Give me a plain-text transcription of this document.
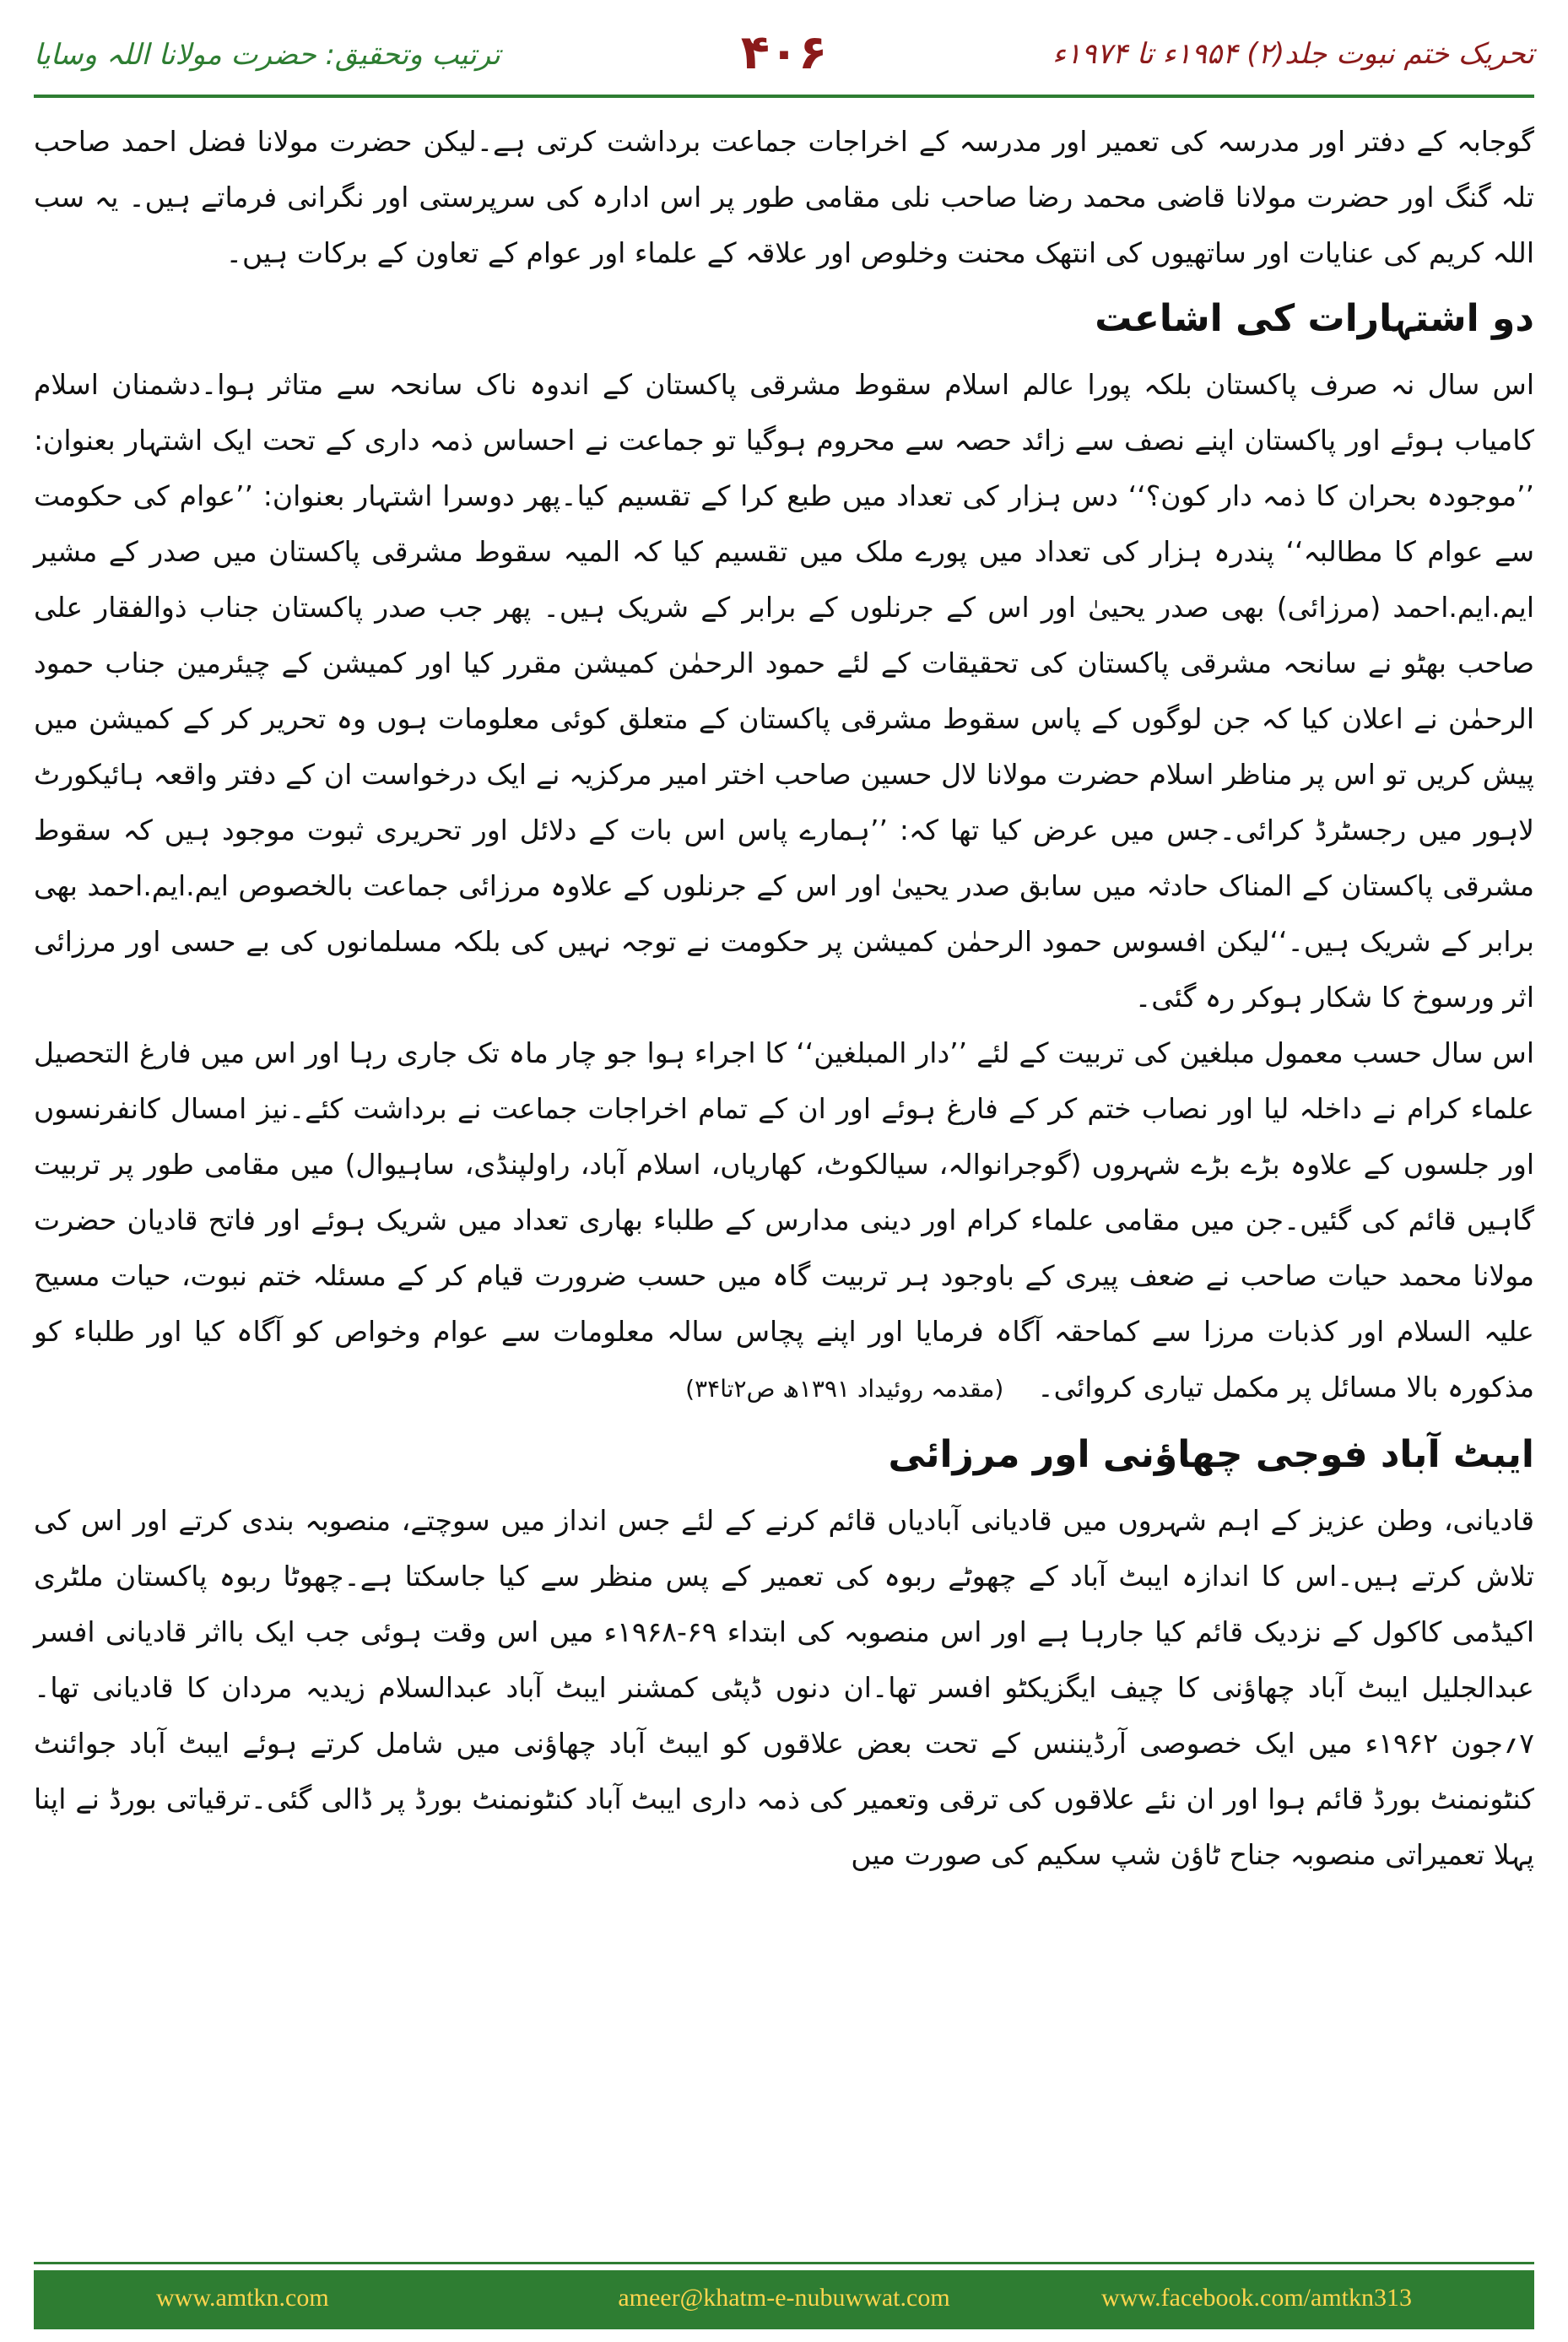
تحریک ختم نبوت جلد(۲) ۱۹۵۴ء تا ۱۹۷۴ء
۴۰۶
ترتیب وتحقیق: حضرت مولانا اللہ وسایا

گوجابہ کے دفتر اور مدرسہ کی تعمیر اور مدرسہ کے اخراجات جماعت برداشت کرتی ہے۔لیکن حضرت مولانا فضل احمد صاحب تلہ گنگ اور حضرت مولانا قاضی محمد رضا صاحب نلی مقامی طور پر اس ادارہ کی سرپرستی اور نگرانی فرماتے ہیں۔ یہ سب اللہ کریم کی عنایات اور ساتھیوں کی انتھک محنت وخلوص اور علاقہ کے علماء اور عوام کے تعاون کے برکات ہیں۔

دو اشتہارات کی اشاعت

اس سال نہ صرف پاکستان بلکہ پورا عالم اسلام سقوط مشرقی پاکستان کے اندوہ ناک سانحہ سے متاثر ہوا۔دشمنان اسلام کامیاب ہوئے اور پاکستان اپنے نصف سے زائد حصہ سے محروم ہوگیا تو جماعت نے احساس ذمہ داری کے تحت ایک اشتہار بعنوان: ’’موجودہ بحران کا ذمہ دار کون؟‘‘ دس ہزار کی تعداد میں طبع کرا کے تقسیم کیا۔پھر دوسرا اشتہار بعنوان: ’’عوام کی حکومت سے عوام کا مطالبہ‘‘ پندرہ ہزار کی تعداد میں پورے ملک میں تقسیم کیا کہ المیہ سقوط مشرقی پاکستان میں صدر کے مشیر ایم.ایم.احمد (مرزائی) بھی صدر یحییٰ اور اس کے جرنلوں کے برابر کے شریک ہیں۔ پھر جب صدر پاکستان جناب ذوالفقار علی صاحب بھٹو نے سانحہ مشرقی پاکستان کی تحقیقات کے لئے حمود الرحمٰن کمیشن مقرر کیا اور کمیشن کے چیئرمین جناب حمود الرحمٰن نے اعلان کیا کہ جن لوگوں کے پاس سقوط مشرقی پاکستان کے متعلق کوئی معلومات ہوں وہ تحریر کر کے کمیشن میں پیش کریں تو اس پر مناظر اسلام حضرت مولانا لال حسین صاحب اختر امیر مرکزیہ نے ایک درخواست ان کے دفتر واقعہ ہائیکورٹ لاہور میں رجسٹرڈ کرائی۔جس میں عرض کیا تھا کہ: ’’ہمارے پاس اس بات کے دلائل اور تحریری ثبوت موجود ہیں کہ سقوط مشرقی پاکستان کے المناک حادثہ میں سابق صدر یحییٰ اور اس کے جرنلوں کے علاوہ مرزائی جماعت بالخصوص ایم.ایم.احمد بھی برابر کے شریک ہیں۔‘‘لیکن افسوس حمود الرحمٰن کمیشن پر حکومت نے توجہ نہیں کی بلکہ مسلمانوں کی بے حسی اور مرزائی اثر ورسوخ کا شکار ہوکر رہ گئی۔

اس سال حسب معمول مبلغین کی تربیت کے لئے ’’دار المبلغین‘‘ کا اجراء ہوا جو چار ماہ تک جاری رہا اور اس میں فارغ التحصیل علماء کرام نے داخلہ لیا اور نصاب ختم کر کے فارغ ہوئے اور ان کے تمام اخراجات جماعت نے برداشت کئے۔نیز امسال کانفرنسوں اور جلسوں کے علاوہ بڑے بڑے شہروں (گوجرانوالہ، سیالکوٹ، کھاریاں، اسلام آباد، راولپنڈی، ساہیوال) میں مقامی طور پر تربیت گاہیں قائم کی گئیں۔جن میں مقامی علماء کرام اور دینی مدارس کے طلباء بھاری تعداد میں شریک ہوئے اور فاتح قادیان حضرت مولانا محمد حیات صاحب نے ضعف پیری کے باوجود ہر تربیت گاہ میں حسب ضرورت قیام کر کے مسئلہ ختم نبوت، حیات مسیح علیہ السلام اور کذبات مرزا سے کماحقہ آگاہ فرمایا اور اپنے پچاس سالہ معلومات سے عوام وخواص کو آگاہ کیا اور طلباء کو مذکورہ بالا مسائل پر مکمل تیاری کروائی۔(مقدمہ روئیداد ۱۳۹۱ھ ص۲تا۳۴)

ایبٹ آباد فوجی چھاؤنی اور مرزائی

قادیانی، وطن عزیز کے اہم شہروں میں قادیانی آبادیاں قائم کرنے کے لئے جس انداز میں سوچتے، منصوبہ بندی کرتے اور اس کی تلاش کرتے ہیں۔اس کا اندازہ ایبٹ آباد کے چھوٹے ربوہ کی تعمیر کے پس منظر سے کیا جاسکتا ہے۔چھوٹا ربوہ پاکستان ملٹری اکیڈمی کاکول کے نزدیک قائم کیا جارہا ہے اور اس منصوبہ کی ابتداء ۶۹-۱۹۶۸ء میں اس وقت ہوئی جب ایک بااثر قادیانی افسر عبدالجلیل ایبٹ آباد چھاؤنی کا چیف ایگزیکٹو افسر تھا۔ان دنوں ڈپٹی کمشنر ایبٹ آباد عبدالسلام زیدیہ مردان کا قادیانی تھا۔۷؍جون ۱۹۶۲ء میں ایک خصوصی آرڈیننس کے تحت بعض علاقوں کو ایبٹ آباد چھاؤنی میں شامل کرتے ہوئے ایبٹ آباد جوائنٹ کنٹونمنٹ بورڈ قائم ہوا اور ان نئے علاقوں کی ترقی وتعمیر کی ذمہ داری ایبٹ آباد کنٹونمنٹ بورڈ پر ڈالی گئی۔ترقیاتی بورڈ نے اپنا پہلا تعمیراتی منصوبہ جناح ٹاؤن شپ سکیم کی صورت میں

www.amtkn.com	ameer@khatm-e-nubuwwat.com	www.facebook.com/amtkn313
